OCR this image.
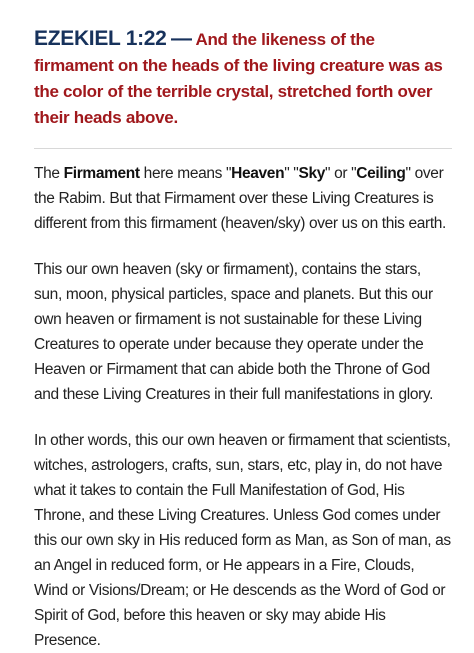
EZEKIEL 1:22 — And the likeness of the firmament on the heads of the living creature was as the color of the terrible crystal, stretched forth over their heads above.

The Firmament here means "Heaven" "Sky" or "Ceiling" over the Rabim. But that Firmament over these Living Creatures is different from this firmament (heaven/sky) over us on this earth.

This our own heaven (sky or firmament), contains the stars, sun, moon, physical particles, space and planets. But this our own heaven or firmament is not sustainable for these Living Creatures to operate under because they operate under the Heaven or Firmament that can abide both the Throne of God and these Living Creatures in their full manifestations in glory.

In other words, this our own heaven or firmament that scientists, witches, astrologers, crafts, sun, stars, etc, play in, do not have what it takes to contain the Full Manifestation of God, His Throne, and these Living Creatures. Unless God comes under this our own sky in His reduced form as Man, as Son of man, as an Angel in reduced form, or He appears in a Fire, Clouds, Wind or Visions/Dream; or He descends as the Word of God or Spirit of God, before this heaven or sky may abide His Presence.
